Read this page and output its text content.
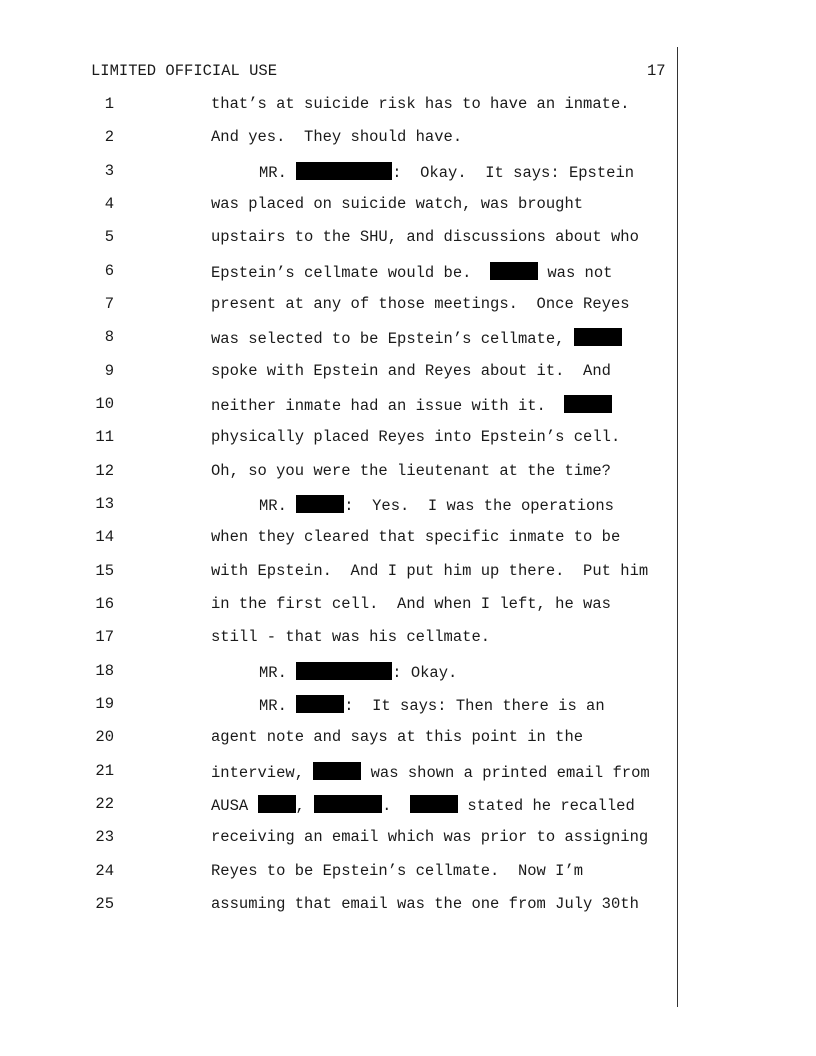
LIMITED OFFICIAL USE	17
1	that’s at suicide risk has to have an inmate.
2	And yes.  They should have.
3	MR.	:  Okay.  It says: Epstein
4	was placed on suicide watch, was brought
5	upstairs to the SHU, and discussions about who
6	Epstein’s cellmate would be.	was not
7	present at any of those meetings.  Once Reyes
8	was selected to be Epstein’s cellmate,
9	spoke with Epstein and Reyes about it.  And
10	neither inmate had an issue with it.
11	physically placed Reyes into Epstein’s cell.
12	Oh, so you were the lieutenant at the time?
13	MR.	:  Yes.  I was the operations
14	when they cleared that specific inmate to be
15	with Epstein.  And I put him up there.  Put him
16	in the first cell.  And when I left, he was
17	still - that was his cellmate.
18	MR.	: Okay.
19	MR.	:  It says: Then there is an
20	agent note and says at this point in the
21	interview,	was shown a printed email from
22	AUSA ,	.	stated he recalled
23	receiving an email which was prior to assigning
24	Reyes to be Epstein’s cellmate.  Now I’m
25	assuming that email was the one from July 30th
